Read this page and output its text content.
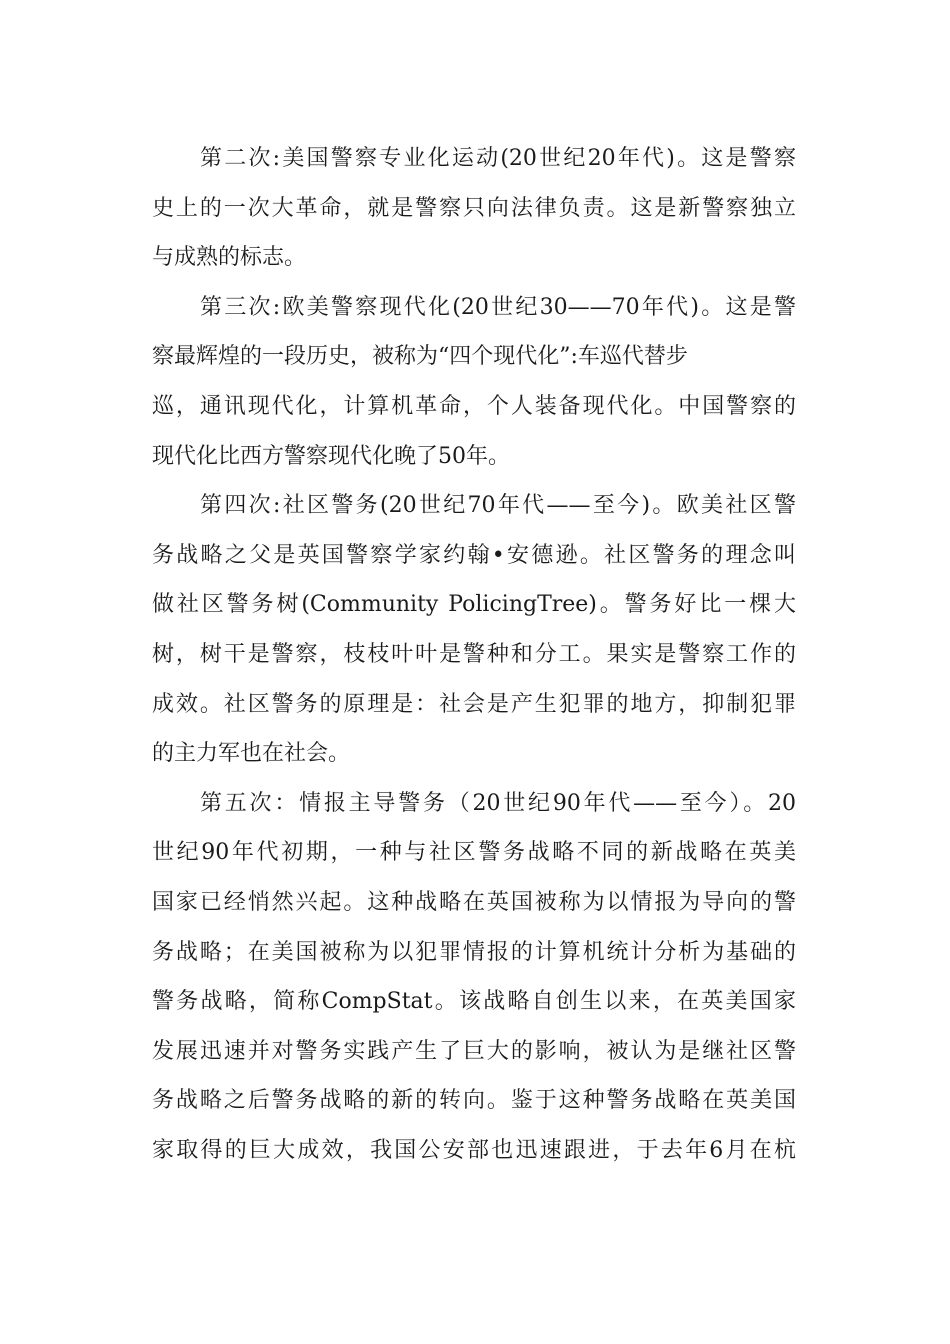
第二次:美国警察专业化运动(20世纪20年代)。这是警察
史上的一次大革命，就是警察只向法律负责。这是新警察独立
与成熟的标志。
第三次:欧美警察现代化(20世纪30——70年代)。这是警
察最辉煌的一段历史，被称为“四个现代化”:车巡代替步
巡，通讯现代化，计算机革命，个人装备现代化。中国警察的
现代化比西方警察现代化晚了50年。
第四次:社区警务(20世纪70年代——至今)。欧美社区警
务战略之父是英国警察学家约翰•安德逊。社区警务的理念叫
做社区警务树(Community PolicingTree)。警务好比一棵大
树，树干是警察，枝枝叶叶是警种和分工。果实是警察工作的
成效。社区警务的原理是：社会是产生犯罪的地方，抑制犯罪
的主力军也在社会。
第五次：情报主导警务（20世纪90年代——至今）。20
世纪90年代初期，一种与社区警务战略不同的新战略在英美
国家已经悄然兴起。这种战略在英国被称为以情报为导向的警
务战略；在美国被称为以犯罪情报的计算机统计分析为基础的
警务战略，简称CompStat。该战略自创生以来，在英美国家
发展迅速并对警务实践产生了巨大的影响，被认为是继社区警
务战略之后警务战略的新的转向。鉴于这种警务战略在英美国
家取得的巨大成效，我国公安部也迅速跟进，于去年6月在杭
